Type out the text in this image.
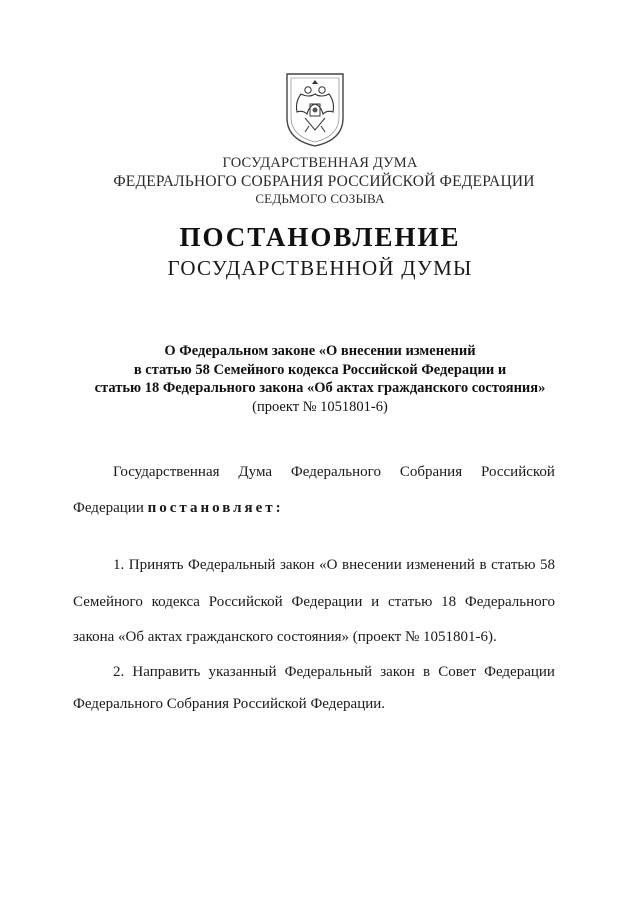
ГОСУДАРСТВЕННАЯ ДУМА
ФЕДЕРАЛЬНОГО СОБРАНИЯ РОССИЙСКОЙ ФЕДЕРАЦИИ
СЕДЬМОГО СОЗЫВА
ПОСТАНОВЛЕНИЕ
ГОСУДАРСТВЕННОЙ ДУМЫ
О Федеральном законе «О внесении изменений
в статью 58 Семейного кодекса Российской Федерации и
статью 18 Федерального закона «Об актах гражданского состояния»
(проект № 1051801-6)
Государственная Дума Федерального Собрания Российской
Федерации постановляет:
1. Принять Федеральный закон «О внесении изменений в статью 58
Семейного кодекса Российской Федерации и статью 18 Федерального
закона «Об актах гражданского состояния» (проект № 1051801-6).
2. Направить указанный Федеральный закон в Совет Федерации
Федерального Собрания Российской Федерации.
